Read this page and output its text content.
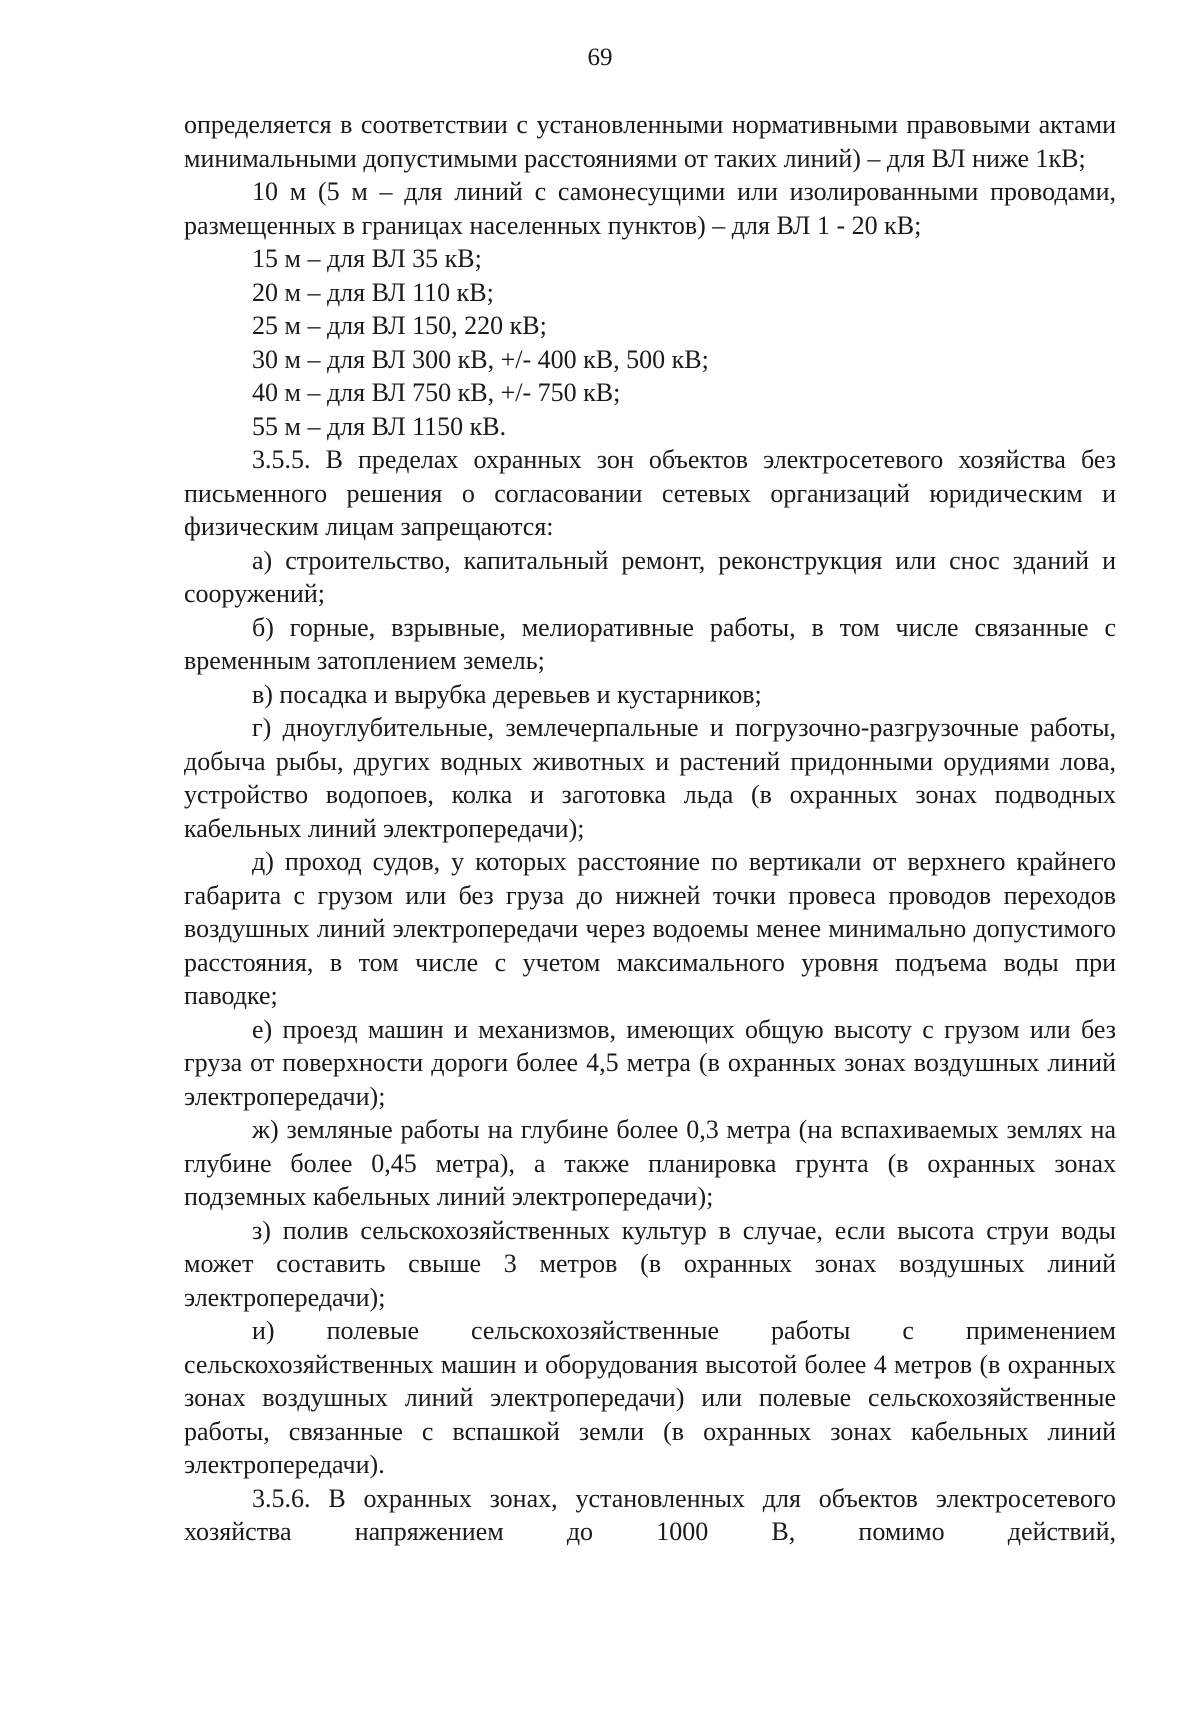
69

определяется в соответствии с установленными нормативными правовыми актами минимальными допустимыми расстояниями от таких линий) – для ВЛ ниже 1кВ;

10 м (5 м – для линий с самонесущими или изолированными проводами, размещенных в границах населенных пунктов) – для ВЛ 1 - 20 кВ;

15 м – для ВЛ 35 кВ;

20 м – для ВЛ 110 кВ;

25 м – для ВЛ 150, 220 кВ;

30 м – для ВЛ 300 кВ, +/- 400 кВ, 500 кВ;

40 м – для ВЛ 750 кВ, +/- 750 кВ;

55 м – для ВЛ 1150 кВ.

3.5.5. В пределах охранных зон объектов электросетевого хозяйства без письменного решения о согласовании сетевых организаций юридическим и физическим лицам запрещаются:

а) строительство, капитальный ремонт, реконструкция или снос зданий и сооружений;

б) горные, взрывные, мелиоративные работы, в том числе связанные с временным затоплением земель;

в) посадка и вырубка деревьев и кустарников;

г) дноуглубительные, землечерпальные и погрузочно-разгрузочные работы, добыча рыбы, других водных животных и растений придонными орудиями лова, устройство водопоев, колка и заготовка льда (в охранных зонах подводных кабельных линий электропередачи);

д) проход судов, у которых расстояние по вертикали от верхнего крайнего габарита с грузом или без груза до нижней точки провеса проводов переходов воздушных линий электропередачи через водоемы менее минимально допустимого расстояния, в том числе с учетом максимального уровня подъема воды при паводке;

е) проезд машин и механизмов, имеющих общую высоту с грузом или без груза от поверхности дороги более 4,5 метра (в охранных зонах воздушных линий электропередачи);

ж) земляные работы на глубине более 0,3 метра (на вспахиваемых землях на глубине более 0,45 метра), а также планировка грунта (в охранных зонах подземных кабельных линий электропередачи);

з) полив сельскохозяйственных культур в случае, если высота струи воды может составить свыше 3 метров (в охранных зонах воздушных линий электропередачи);

и) полевые сельскохозяйственные работы с применением сельскохозяйственных машин и оборудования высотой более 4 метров (в охранных зонах воздушных линий электропередачи) или полевые сельскохозяйственные работы, связанные с вспашкой земли (в охранных зонах кабельных линий электропередачи).

3.5.6. В охранных зонах, установленных для объектов электросетевого хозяйства напряжением до 1000 В, помимо действий,
